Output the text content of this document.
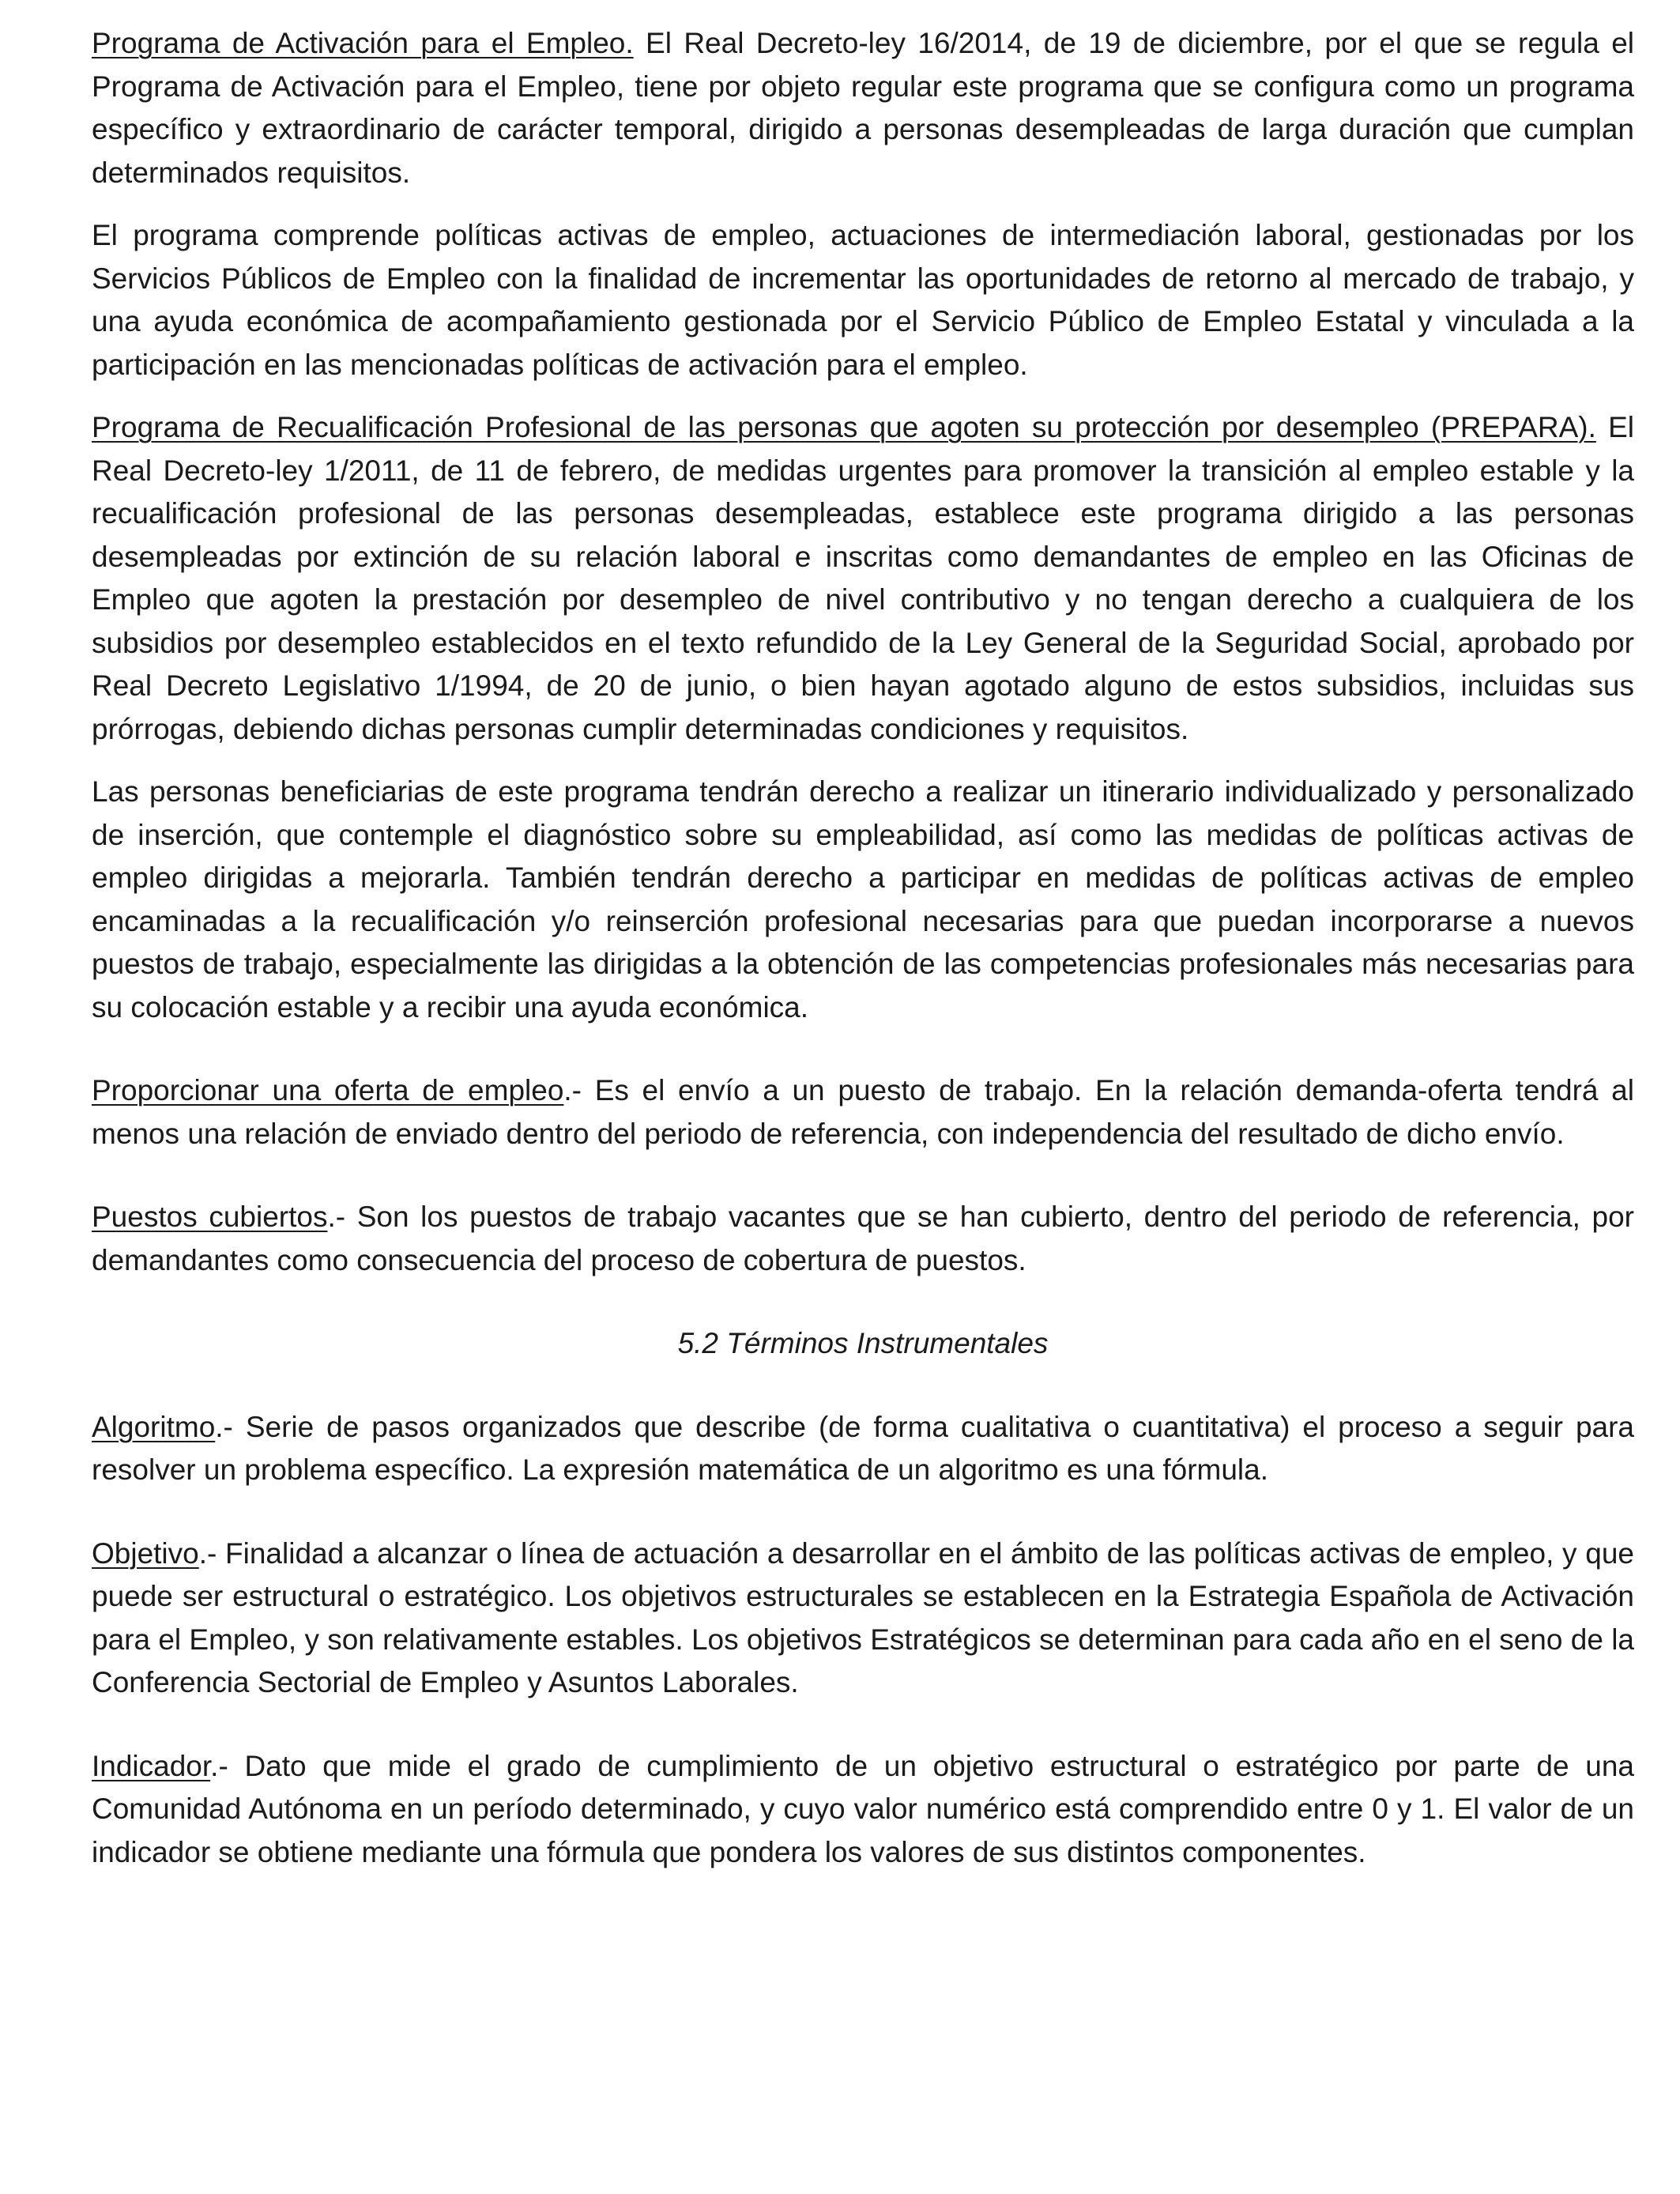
Programa de Activación para el Empleo. El Real Decreto-ley 16/2014, de 19 de diciembre, por el que se regula el Programa de Activación para el Empleo, tiene por objeto regular este programa que se configura como un programa específico y extraordinario de carácter temporal, dirigido a personas desempleadas de larga duración que cumplan determinados requisitos.

El programa comprende políticas activas de empleo, actuaciones de intermediación laboral, gestionadas por los Servicios Públicos de Empleo con la finalidad de incrementar las oportunidades de retorno al mercado de trabajo, y una ayuda económica de acompañamiento gestionada por el Servicio Público de Empleo Estatal y vinculada a la participación en las mencionadas políticas de activación para el empleo.

Programa de Recualificación Profesional de las personas que agoten su protección por desempleo (PREPARA). El Real Decreto-ley 1/2011, de 11 de febrero, de medidas urgentes para promover la transición al empleo estable y la recualificación profesional de las personas desempleadas, establece este programa dirigido a las personas desempleadas por extinción de su relación laboral e inscritas como demandantes de empleo en las Oficinas de Empleo que agoten la prestación por desempleo de nivel contributivo y no tengan derecho a cualquiera de los subsidios por desempleo establecidos en el texto refundido de la Ley General de la Seguridad Social, aprobado por Real Decreto Legislativo 1/1994, de 20 de junio, o bien hayan agotado alguno de estos subsidios, incluidas sus prórrogas, debiendo dichas personas cumplir determinadas condiciones y requisitos.

Las personas beneficiarias de este programa tendrán derecho a realizar un itinerario individualizado y personalizado de inserción, que contemple el diagnóstico sobre su empleabilidad, así como las medidas de políticas activas de empleo dirigidas a mejorarla. También tendrán derecho a participar en medidas de políticas activas de empleo encaminadas a la recualificación y/o reinserción profesional necesarias para que puedan incorporarse a nuevos puestos de trabajo, especialmente las dirigidas a la obtención de las competencias profesionales más necesarias para su colocación estable y a recibir una ayuda económica.

Proporcionar una oferta de empleo.- Es el envío a un puesto de trabajo. En la relación demanda-oferta tendrá al menos una relación de enviado dentro del periodo de referencia, con independencia del resultado de dicho envío.

Puestos cubiertos.- Son los puestos de trabajo vacantes que se han cubierto, dentro del periodo de referencia, por demandantes como consecuencia del proceso de cobertura de puestos.

5.2 Términos Instrumentales

Algoritmo.- Serie de pasos organizados que describe (de forma cualitativa o cuantitativa) el proceso a seguir para resolver un problema específico. La expresión matemática de un algoritmo es una fórmula.

Objetivo.- Finalidad a alcanzar o línea de actuación a desarrollar en el ámbito de las políticas activas de empleo, y que puede ser estructural o estratégico. Los objetivos estructurales se establecen en la Estrategia Española de Activación para el Empleo, y son relativamente estables. Los objetivos Estratégicos se determinan para cada año en el seno de la Conferencia Sectorial de Empleo y Asuntos Laborales.

Indicador.- Dato que mide el grado de cumplimiento de un objetivo estructural o estratégico por parte de una Comunidad Autónoma en un período determinado, y cuyo valor numérico está comprendido entre 0 y 1. El valor de un indicador se obtiene mediante una fórmula que pondera los valores de sus distintos componentes.
